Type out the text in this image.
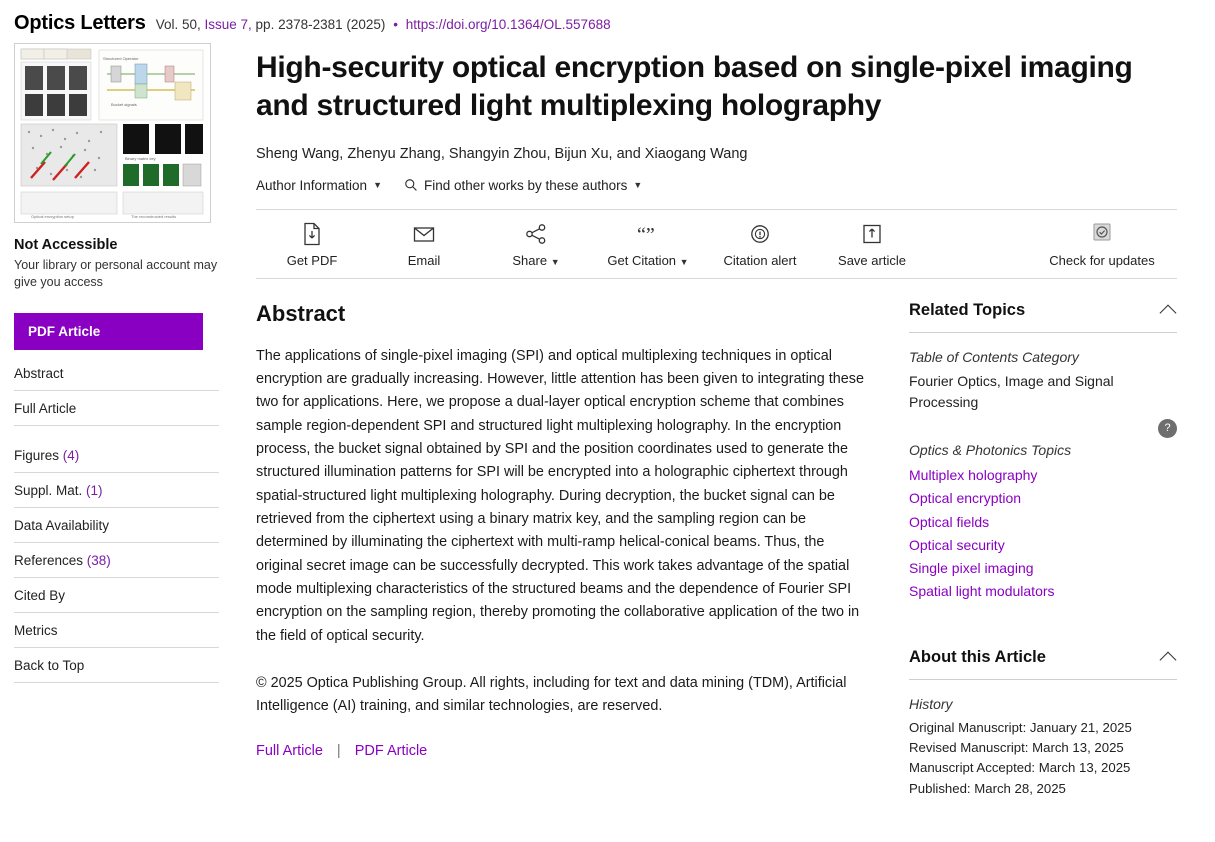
Optics Letters Vol. 50, Issue 7, pp. 2378-2381 (2025) • https://doi.org/10.1364/OL.557688
Structured Operator
Bucket signals
Binary matrix key
Optical encryption setup	The reconstructed results
Not Accessible
Your library or personal account may give you access
PDF Article
Abstract
Full Article
Figures (4)
Suppl. Mat. (1)
Data Availability
References (38)
Cited By
Metrics
Back to Top
High-security optical encryption based on single-pixel imaging and structured light multiplexing holography
Sheng Wang, Zhenyu Zhang, Shangyin Zhou, Bijun Xu, and Xiaogang Wang
Author Information ▼	Find other works by these authors ▼
Get PDF	Email	Share ▼
“”
Get Citation ▼	Citation alert	Save article	Check for updates
Abstract

The applications of single-pixel imaging (SPI) and optical multiplexing techniques in optical encryption are gradually increasing. However, little attention has been given to integrating these two for applications. Here, we propose a dual-layer optical encryption scheme that combines sample region-dependent SPI and structured light multiplexing holography. In the encryption process, the bucket signal obtained by SPI and the position coordinates used to generate the structured illumination patterns for SPI will be encrypted into a holographic ciphertext through spatial-structured light multiplexing holography. During decryption, the bucket signal can be retrieved from the ciphertext using a binary matrix key, and the sampling region can be determined by illuminating the ciphertext with multi-ramp helical-conical beams. Thus, the original secret image can be successfully decrypted. This work takes advantage of the spatial mode multiplexing characteristics of the structured beams and the dependence of Fourier SPI encryption on the sampling region, thereby promoting the collaborative application of the two in the field of optical security.

© 2025 Optica Publishing Group. All rights, including for text and data mining (TDM), Artificial Intelligence (AI) training, and similar technologies, are reserved.

Full Article | PDF Article
Related Topics
Table of Contents Category
Fourier Optics, Image and Signal Processing
Optics & Photonics Topics
?
Multiplex holography
Optical encryption
Optical fields
Optical security
Single pixel imaging
Spatial light modulators
About this Article
History
Original Manuscript: January 21, 2025
Revised Manuscript: March 13, 2025
Manuscript Accepted: March 13, 2025
Published: March 28, 2025
